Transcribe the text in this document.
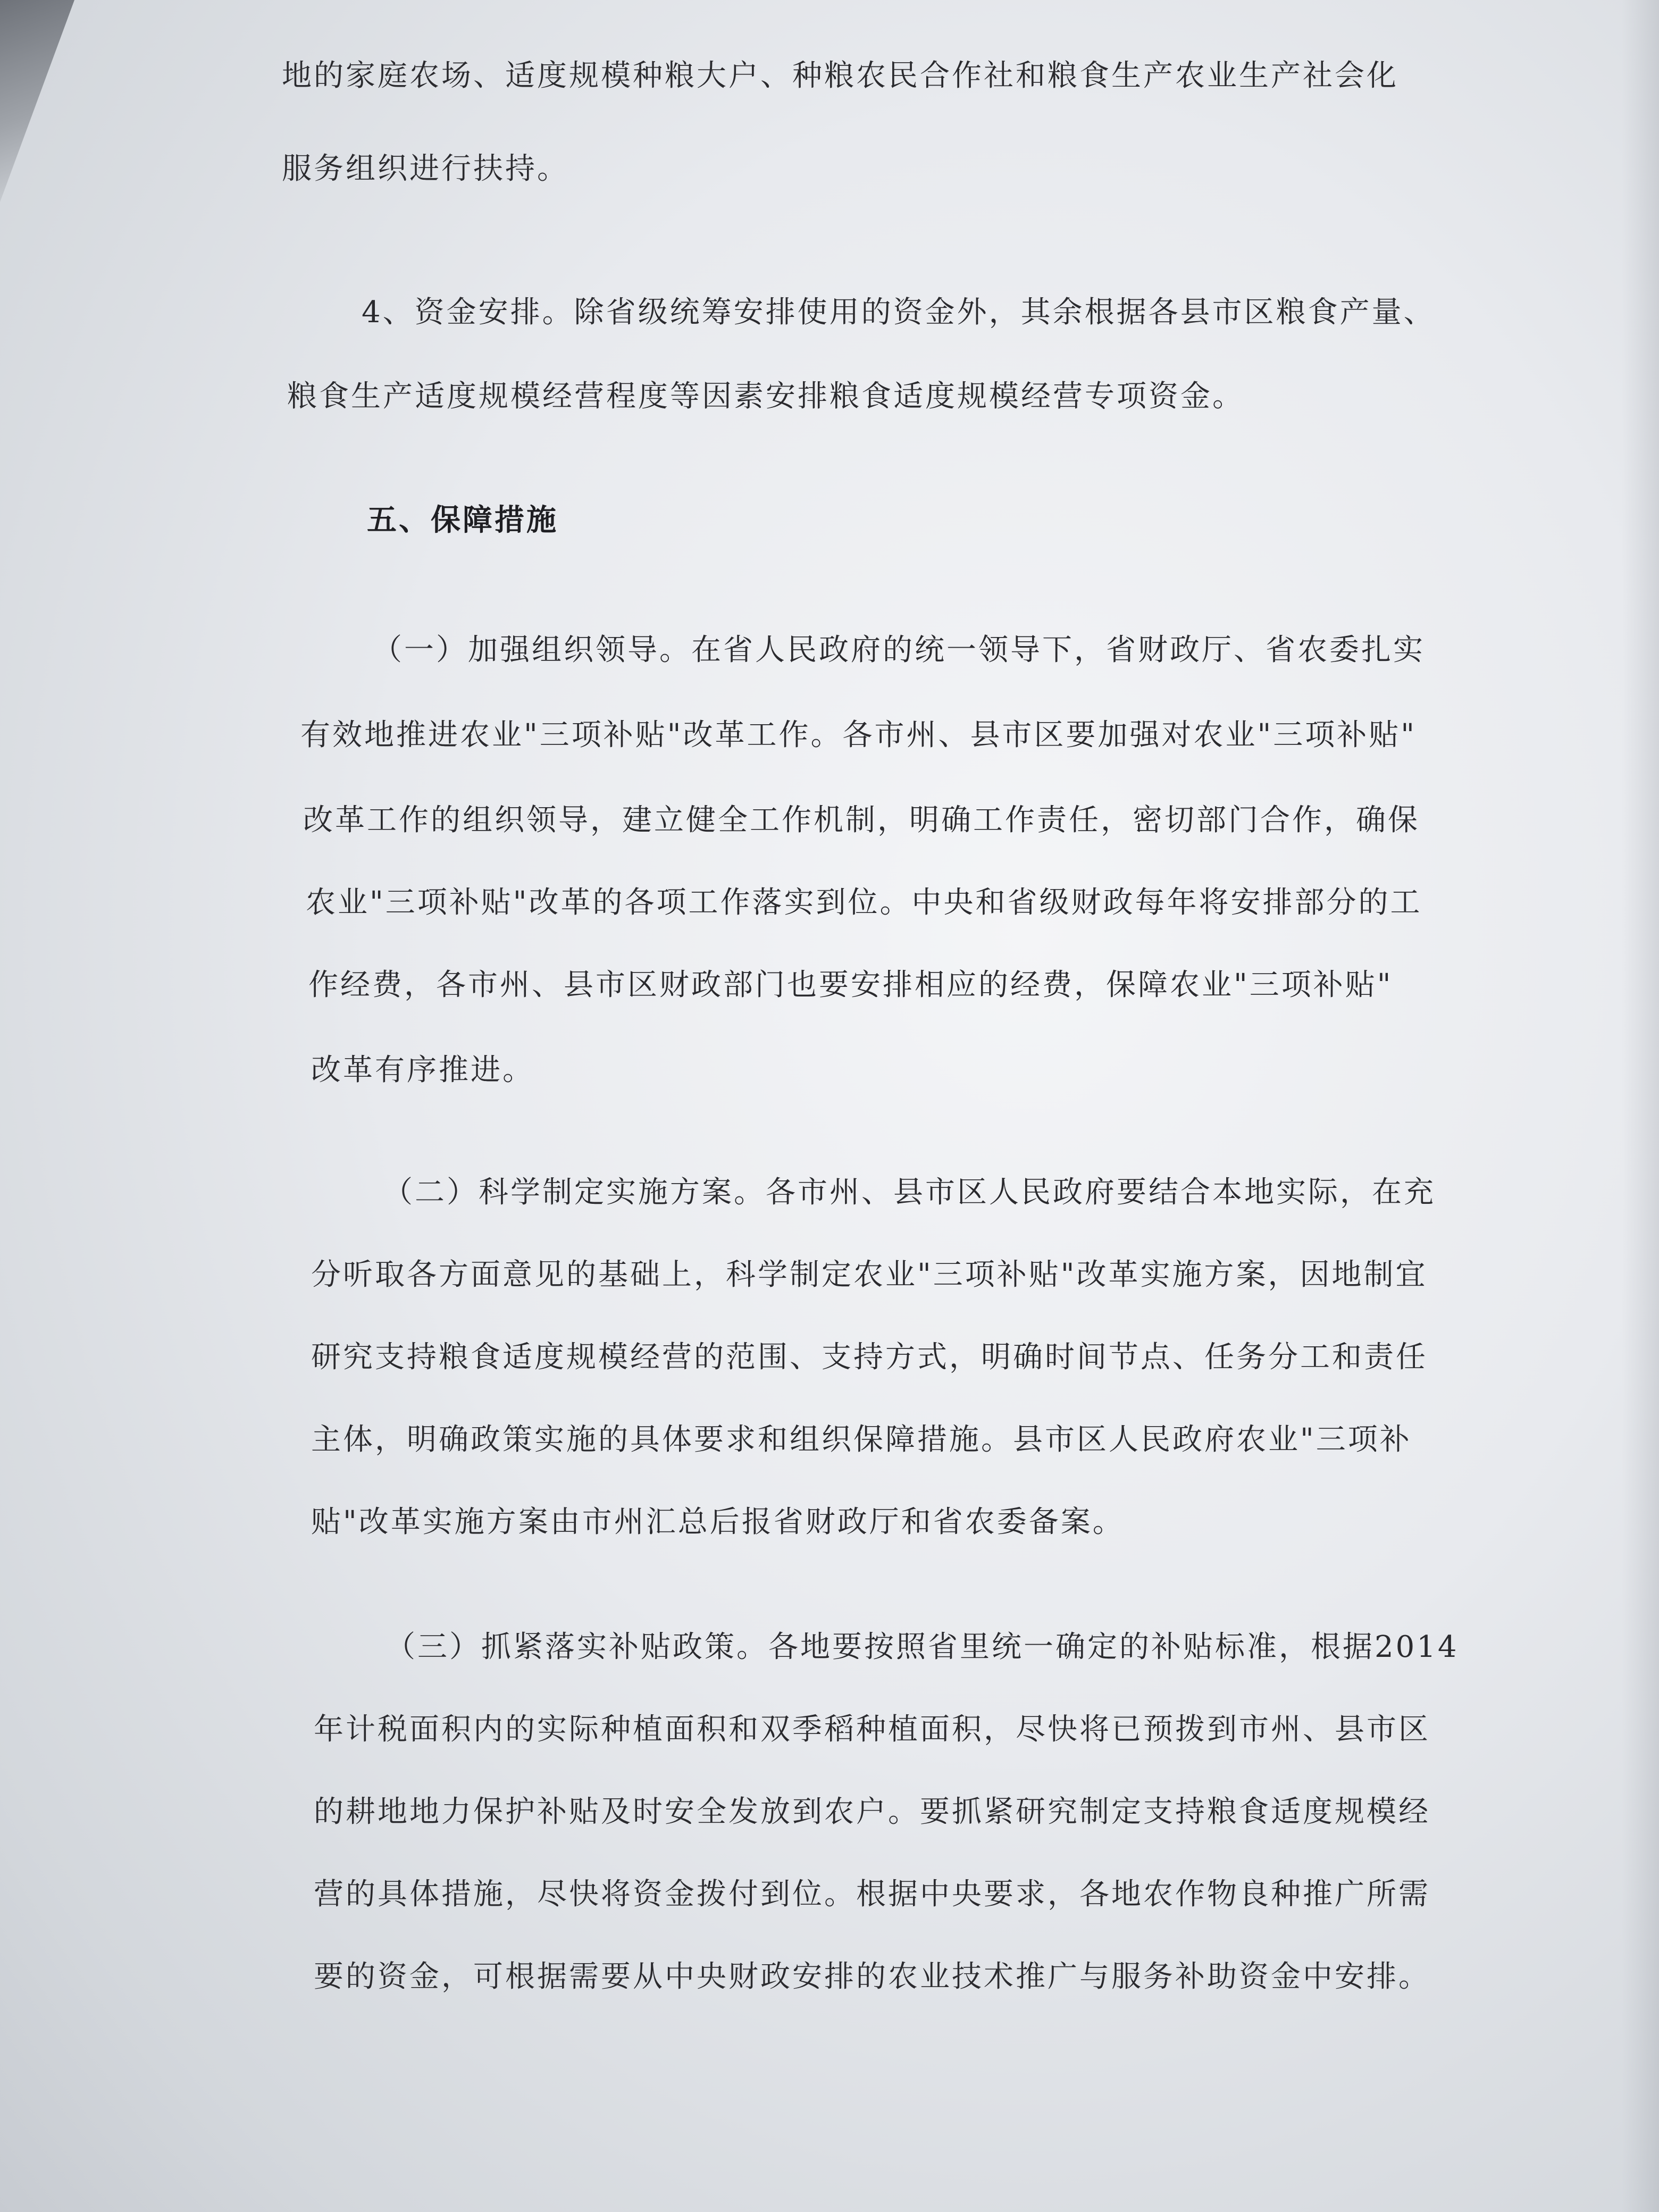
地的家庭农场、适度规模种粮大户、种粮农民合作社和粮食生产农业生产社会化
服务组织进行扶持。
4、资金安排。除省级统筹安排使用的资金外，其余根据各县市区粮食产量、
粮食生产适度规模经营程度等因素安排粮食适度规模经营专项资金。
五、保障措施
（一）加强组织领导。在省人民政府的统一领导下，省财政厅、省农委扎实
有效地推进农业"三项补贴"改革工作。各市州、县市区要加强对农业"三项补贴"
改革工作的组织领导，建立健全工作机制，明确工作责任，密切部门合作，确保
农业"三项补贴"改革的各项工作落实到位。中央和省级财政每年将安排部分的工
作经费，各市州、县市区财政部门也要安排相应的经费，保障农业"三项补贴"
改革有序推进。
（二）科学制定实施方案。各市州、县市区人民政府要结合本地实际，在充
分听取各方面意见的基础上，科学制定农业"三项补贴"改革实施方案，因地制宜
研究支持粮食适度规模经营的范围、支持方式，明确时间节点、任务分工和责任
主体，明确政策实施的具体要求和组织保障措施。县市区人民政府农业"三项补
贴"改革实施方案由市州汇总后报省财政厅和省农委备案。
（三）抓紧落实补贴政策。各地要按照省里统一确定的补贴标准，根据2014
年计税面积内的实际种植面积和双季稻种植面积，尽快将已预拨到市州、县市区
的耕地地力保护补贴及时安全发放到农户。要抓紧研究制定支持粮食适度规模经
营的具体措施，尽快将资金拨付到位。根据中央要求，各地农作物良种推广所需
要的资金，可根据需要从中央财政安排的农业技术推广与服务补助资金中安排。
